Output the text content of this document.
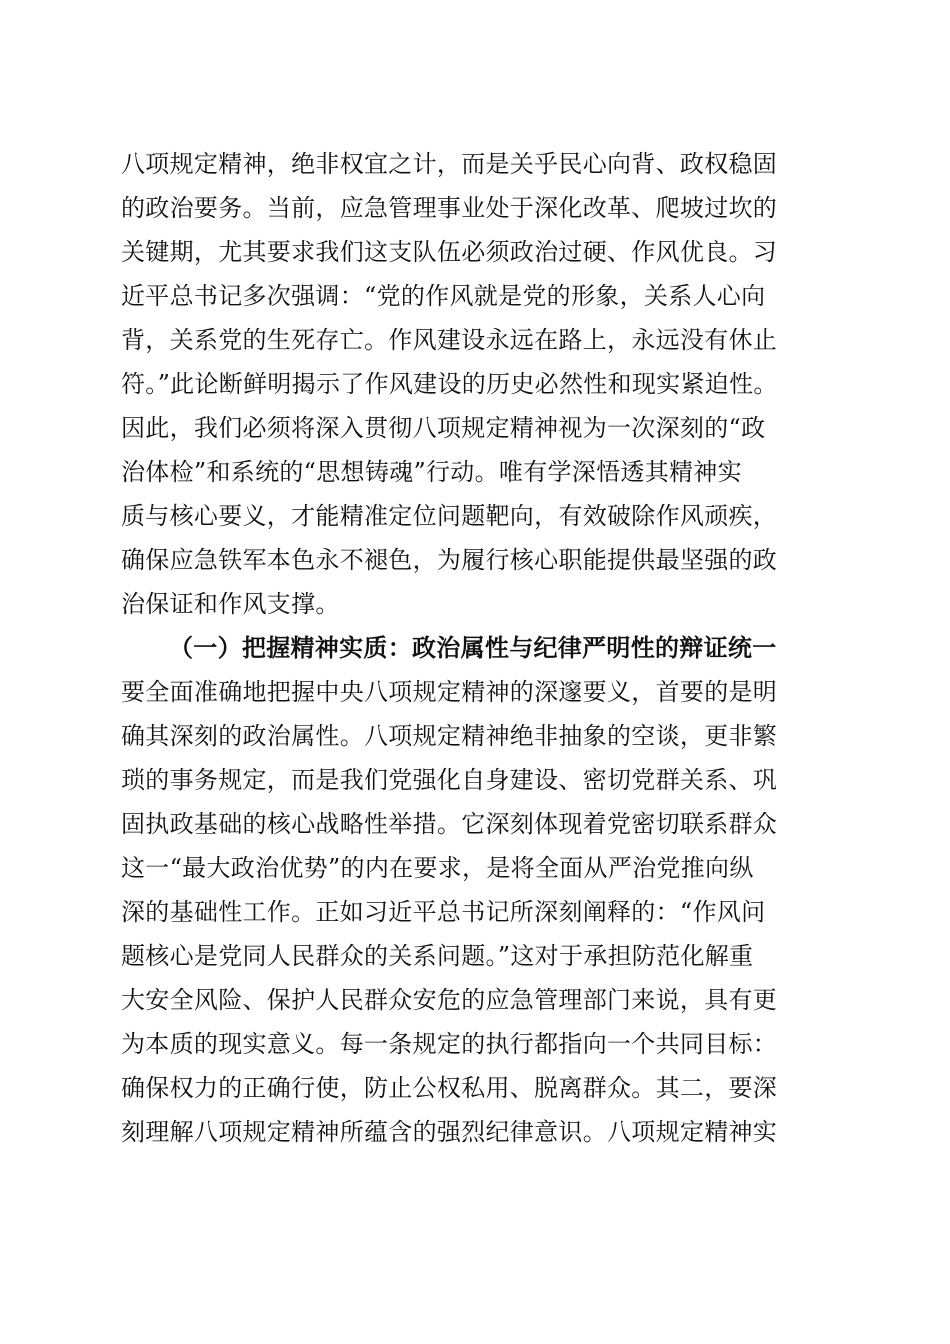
八项规定精神，绝非权宜之计，而是关乎民心向背、政权稳固
的政治要务。当前，应急管理事业处于深化改革、爬坡过坎的
关键期，尤其要求我们这支队伍必须政治过硬、作风优良。习
近平总书记多次强调：“党的作风就是党的形象，关系人心向
背，关系党的生死存亡。作风建设永远在路上，永远没有休止
符。”此论断鲜明揭示了作风建设的历史必然性和现实紧迫性。
因此，我们必须将深入贯彻八项规定精神视为一次深刻的“政
治体检”和系统的“思想铸魂”行动。唯有学深悟透其精神实
质与核心要义，才能精准定位问题靶向，有效破除作风顽疾，
确保应急铁军本色永不褪色，为履行核心职能提供最坚强的政
治保证和作风支撑。
（一）把握精神实质：政治属性与纪律严明性的辩证统一
要全面准确地把握中央八项规定精神的深邃要义，首要的是明
确其深刻的政治属性。八项规定精神绝非抽象的空谈，更非繁
琐的事务规定，而是我们党强化自身建设、密切党群关系、巩
固执政基础的核心战略性举措。它深刻体现着党密切联系群众
这一“最大政治优势”的内在要求，是将全面从严治党推向纵
深的基础性工作。正如习近平总书记所深刻阐释的：“作风问
题核心是党同人民群众的关系问题。”这对于承担防范化解重
大安全风险、保护人民群众安危的应急管理部门来说，具有更
为本质的现实意义。每一条规定的执行都指向一个共同目标：
确保权力的正确行使，防止公权私用、脱离群众。其二，要深
刻理解八项规定精神所蕴含的强烈纪律意识。八项规定精神实
